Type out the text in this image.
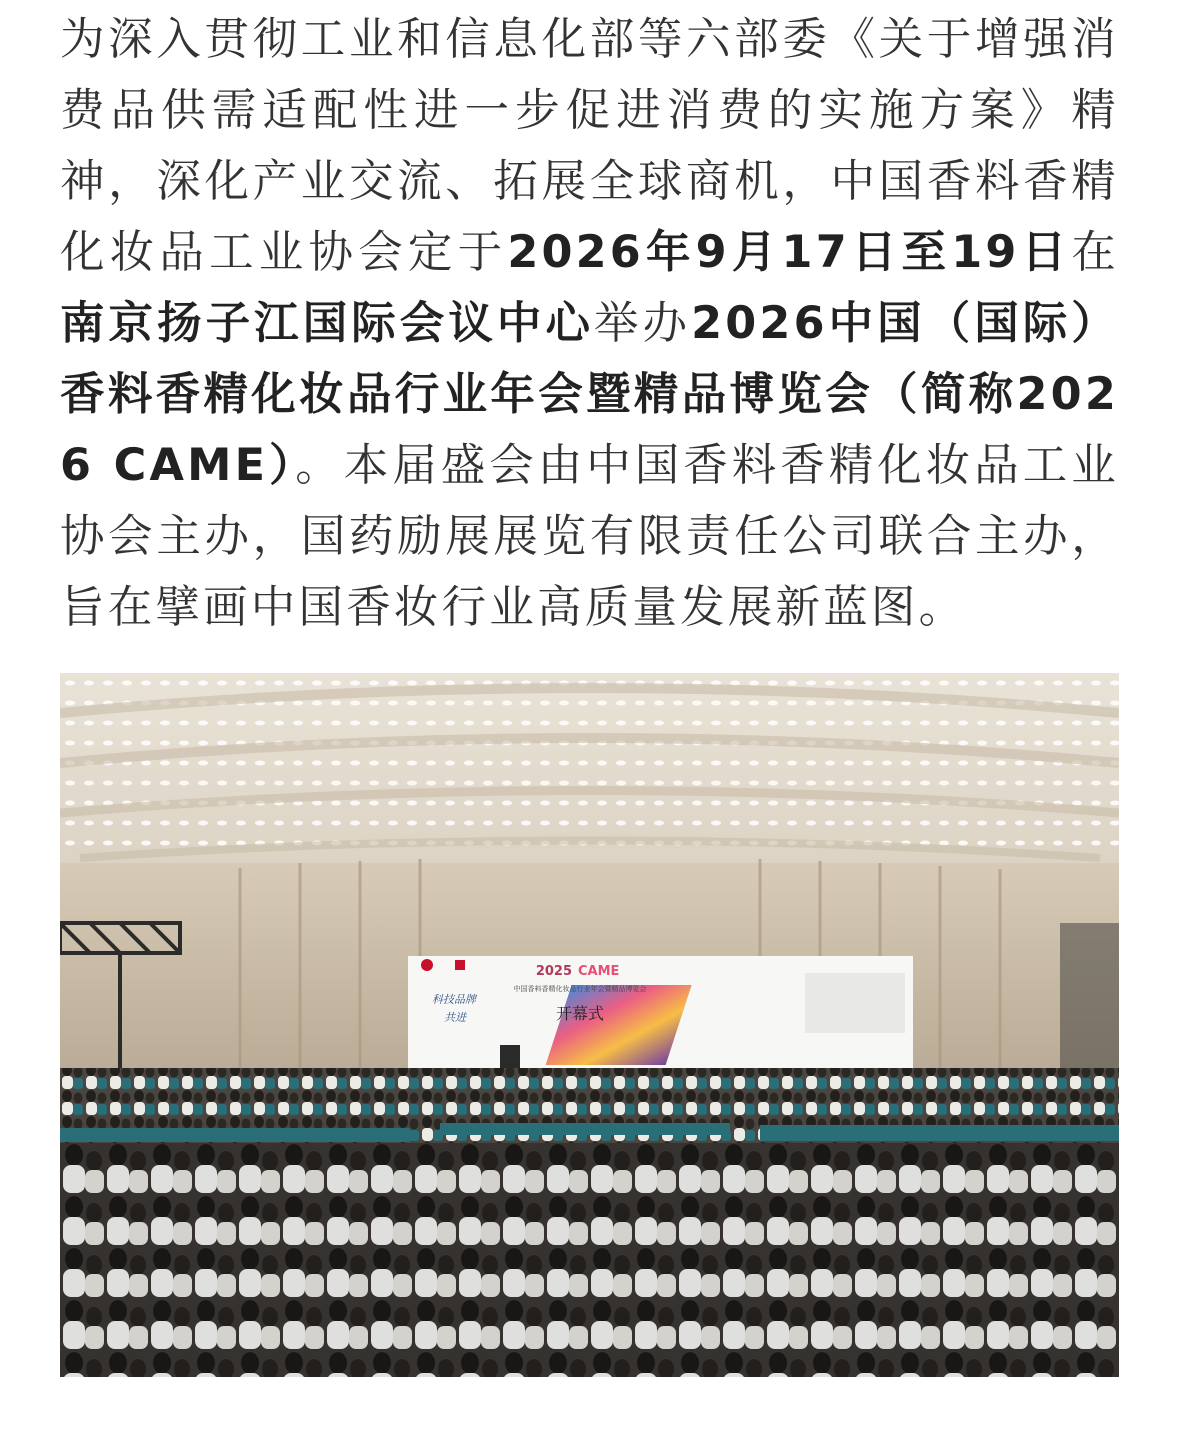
为深入贯彻工业和信息化部等六部委《关于增强消费品供需适配性进一步促进消费的实施方案》精神，深化产业交流、拓展全球商机，中国香料香精化妆品工业协会定于2026年9月17日至19日在南京扬子江国际会议中心举办2026中国（国际）香料香精化妆品行业年会暨精品博览会（简称2026 CAME）。本届盛会由中国香料香精化妆品工业协会主办，国药励展展览有限责任公司联合主办，旨在擘画中国香妆行业高质量发展新蓝图。

2025 CAME
中国香料香精化妆品行业年会暨精品博览会
开幕式
科技品牌
共进
